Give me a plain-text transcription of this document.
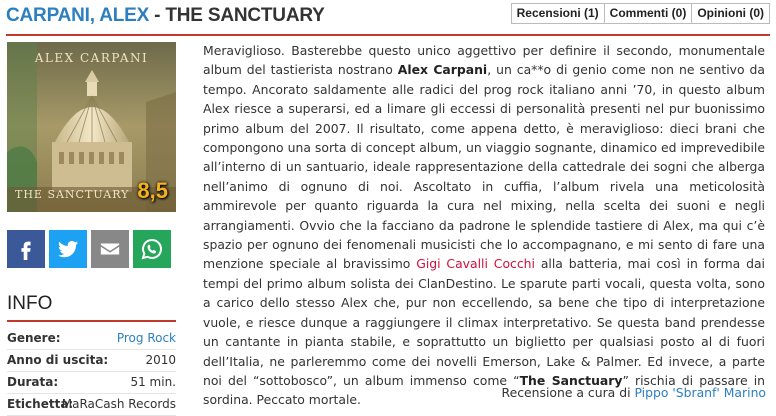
CARPANI, ALEX - THE SANCTUARY	Recensioni (1) Commenti (0) Opinioni (0)
ALEX CARPANI
THE SANCTUARY 8,5
INFO
Genere:	Prog Rock
Anno di uscita:	2010
Durata:	51 min.
Etichetta:
MaRaCash Records

Meraviglioso. Basterebbe questo unico aggettivo per definire il secondo, monumentale album del tastierista nostrano Alex Carpani, un ca**o di genio come non ne sentivo da tempo. Ancorato saldamente alle radici del prog rock italiano anni ’70, in questo album Alex riesce a superarsi, ed a limare gli eccessi di personalità presenti nel pur buonissimo primo album del 2007. Il risultato, come appena detto, è meraviglioso: dieci brani che compongono una sorta di concept album, un viaggio sognante, dinamico ed imprevedibile all’interno di un santuario, ideale rappresentazione della cattedrale dei sogni che alberga nell’animo di ognuno di noi. Ascoltato in cuffia, l’album rivela una meticolosità ammirevole per quanto riguarda la cura nel mixing, nella scelta dei suoni e negli arrangiamenti. Ovvio che la facciano da padrone le splendide tastiere di Alex, ma qui c’è spazio per ognuno dei fenomenali musicisti che lo accompagnano, e mi sento di fare una menzione speciale al bravissimo Gigi Cavalli Cocchi alla batteria, mai così in forma dai tempi del primo album solista dei ClanDestino. Le sparute parti vocali, questa volta, sono a carico dello stesso Alex che, pur non eccellendo, sa bene che tipo di interpretazione vuole, e riesce dunque a raggiungere il climax interpretativo. Se questa band prendesse un cantante in pianta stabile, e soprattutto un biglietto per qualsiasi posto al di fuori dell’Italia, ne parleremmo come dei novelli Emerson, Lake & Palmer. Ed invece, a parte noi del “sottobosco”, un album immenso come “The Sanctuary” rischia di passare in sordina. Peccato mortale.	Recensione a cura di Pippo 'Sbranf' Marino
